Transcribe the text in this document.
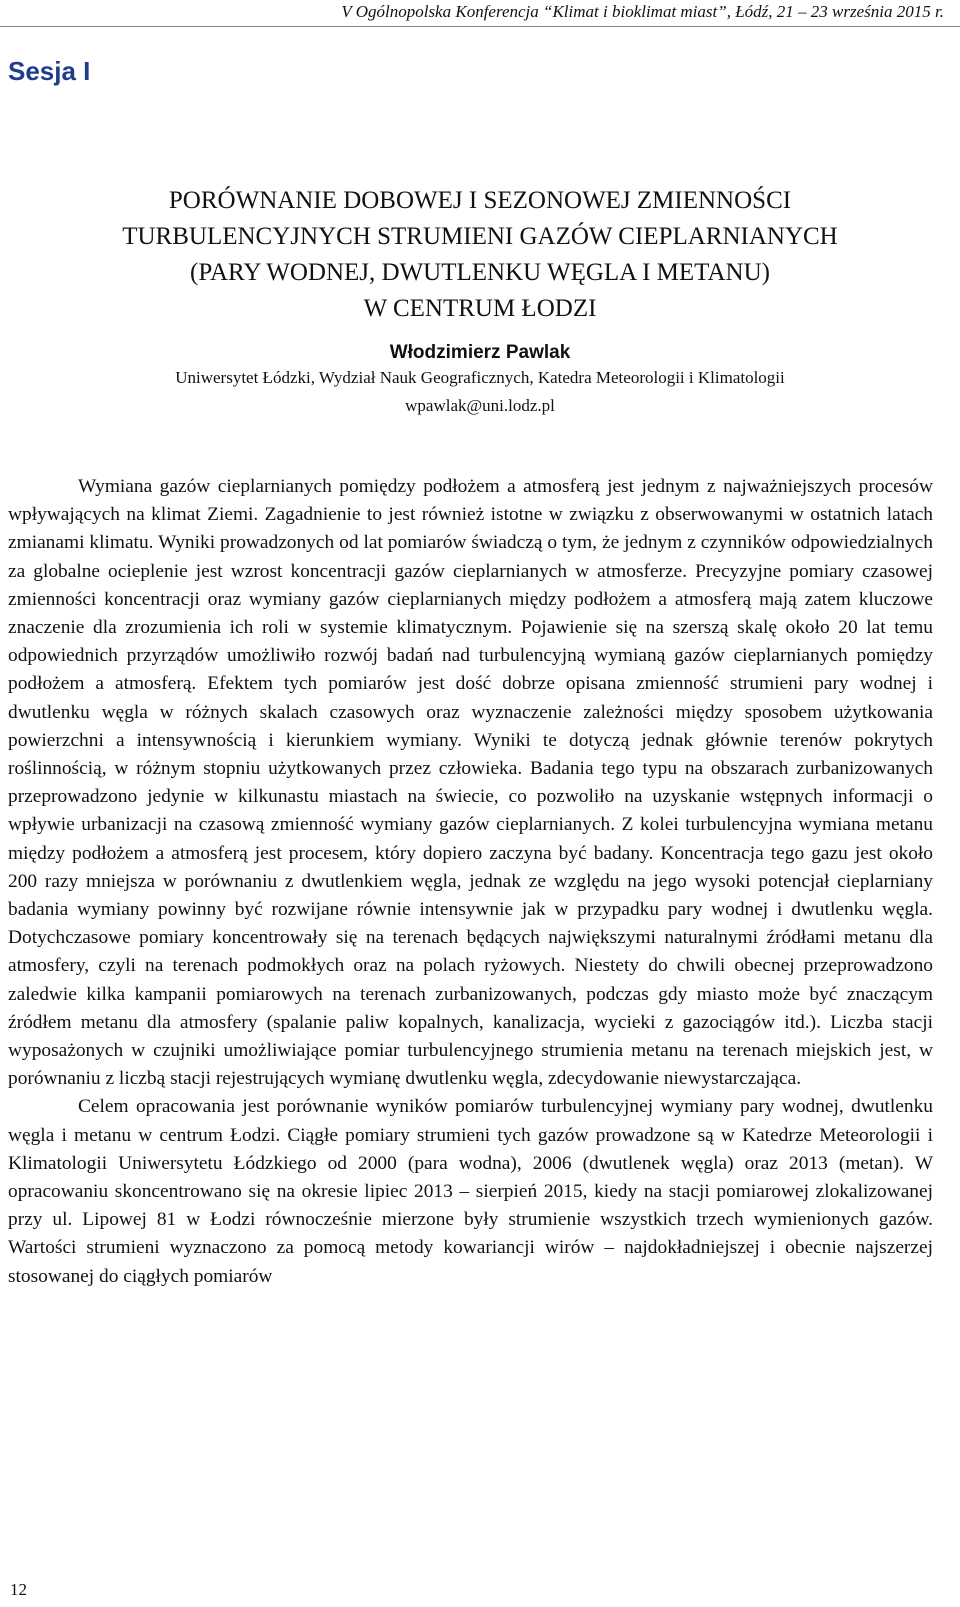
V Ogólnopolska Konferencja “Klimat i bioklimat miast”, Łódź, 21 – 23 września 2015 r.
Sesja I
PORÓWNANIE DOBOWEJ I SEZONOWEJ ZMIENNOŚCI
TURBULENCYJNYCH STRUMIENI GAZÓW CIEPLARNIANYCH
(PARY WODNEJ, DWUTLENKU WĘGLA I METANU)
W CENTRUM ŁODZI
Włodzimierz Pawlak
Uniwersytet Łódzki, Wydział Nauk Geograficznych, Katedra Meteorologii i Klimatologii
wpawlak@uni.lodz.pl

Wymiana gazów cieplarnianych pomiędzy podłożem a atmosferą jest jednym z najważniejszych procesów wpływających na klimat Ziemi. Zagadnienie to jest również istotne w związku z obserwowanymi w ostatnich latach zmianami klimatu. Wyniki prowadzonych od lat pomiarów świadczą o tym, że jednym z czynników odpowiedzialnych za globalne ocieplenie jest wzrost koncentracji gazów cieplarnianych w atmosferze. Precyzyjne pomiary czasowej zmienności koncentracji oraz wymiany gazów cieplarnianych między podłożem a atmosferą mają zatem kluczowe znaczenie dla zrozumienia ich roli w systemie klimatycznym. Pojawienie się na szerszą skalę około 20 lat temu odpowiednich przyrządów umożliwiło rozwój badań nad turbulencyjną wymianą gazów cieplarnianych pomiędzy podłożem a atmosferą. Efektem tych pomiarów jest dość dobrze opisana zmienność strumieni pary wodnej i dwutlenku węgla w różnych skalach czasowych oraz wyznaczenie zależności między sposobem użytkowania powierzchni a intensywnością i kierunkiem wymiany. Wyniki te dotyczą jednak głównie terenów pokrytych roślinnością, w różnym stopniu użytkowanych przez człowieka. Badania tego typu na obszarach zurbanizowanych przeprowadzono jedynie w kilkunastu miastach na świecie, co pozwoliło na uzyskanie wstępnych informacji o wpływie urbanizacji na czasową zmienność wymiany gazów cieplarnianych. Z kolei turbulencyjna wymiana metanu między podłożem a atmosferą jest procesem, który dopiero zaczyna być badany. Koncentracja tego gazu jest około 200 razy mniejsza w porównaniu z dwutlenkiem węgla, jednak ze względu na jego wysoki potencjał cieplarniany badania wymiany powinny być rozwijane równie intensywnie jak w przypadku pary wodnej i dwutlenku węgla. Dotychczasowe pomiary koncentrowały się na terenach będących największymi naturalnymi źródłami metanu dla atmosfery, czyli na terenach podmokłych oraz na polach ryżowych. Niestety do chwili obecnej przeprowadzono zaledwie kilka kampanii pomiarowych na terenach zurbanizowanych, podczas gdy miasto może być znaczącym źródłem metanu dla atmosfery (spalanie paliw kopalnych, kanalizacja, wycieki z gazociągów itd.). Liczba stacji wyposażonych w czujniki umożliwiające pomiar turbulencyjnego strumienia metanu na terenach miejskich jest, w porównaniu z liczbą stacji rejestrujących wymianę dwutlenku węgla, zdecydowanie niewystarczająca.

Celem opracowania jest porównanie wyników pomiarów turbulencyjnej wymiany pary wodnej, dwutlenku węgla i metanu w centrum Łodzi. Ciągłe pomiary strumieni tych gazów prowadzone są w Katedrze Meteorologii i Klimatologii Uniwersytetu Łódzkiego od 2000 (para wodna), 2006 (dwutlenek węgla) oraz 2013 (metan). W opracowaniu skoncentrowano się na okresie lipiec 2013 – sierpień 2015, kiedy na stacji pomiarowej zlokalizowanej przy ul. Lipowej 81 w Łodzi równocześnie mierzone były strumienie wszystkich trzech wymienionych gazów. Wartości strumieni wyznaczono za pomocą metody kowariancji wirów – najdokładniejszej i obecnie najszerzej stosowanej do ciągłych pomiarów

12
